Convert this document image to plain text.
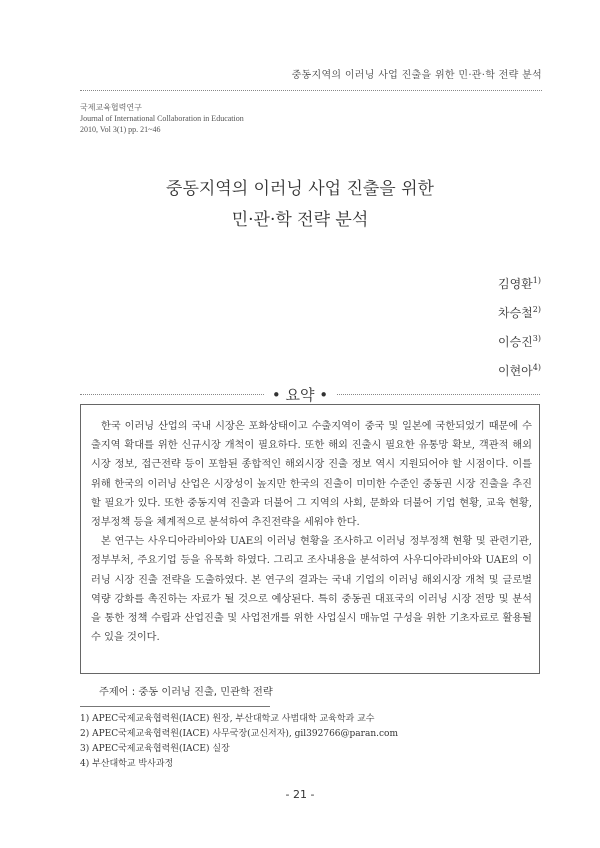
중동지역의 이러닝 사업 진출을 위한 민·관·학 전략 분석
국제교육협력연구
Journal of International Collaboration in Education
2010, Vol 3(1) pp. 21~46
중동지역의 이러닝 사업 진출을 위한
민·관·학 전략 분석
김영환$^{1)}$
차승철$^{2)}$
이승진$^{3)}$
이현아$^{4)}$
• 요약 •

한국 이러닝 산업의 국내 시장은 포화상태이고 수출지역이 중국 및 일본에 국한되었기 때문에 수출지역 확대를 위한 신규시장 개척이 필요하다. 또한 해외 진출시 필요한 유통망 확보, 객관적 해외시장 정보, 접근전략 등이 포함된 종합적인 해외시장 진출 정보 역시 지원되어야 할 시점이다. 이를 위해 한국의 이러닝 산업은 시장성이 높지만 한국의 진출이 미미한 수준인 중동권 시장 진출을 추진할 필요가 있다. 또한 중동지역 진출과 더불어 그 지역의 사회, 문화와 더불어 기업 현황, 교육 현황, 정부정책 등을 체계적으로 분석하여 추진전략을 세워야 한다.

본 연구는 사우디아라비아와 UAE의 이러닝 현황을 조사하고 이러닝 정부정책 현황 및 관련기관, 정부부처, 주요기업 등을 유목화 하였다. 그리고 조사내용을 분석하여 사우디아라비아와 UAE의 이러닝 시장 진출 전략을 도출하였다. 본 연구의 결과는 국내 기업의 이러닝 해외시장 개척 및 글로벌 역량 강화를 촉진하는 자료가 될 것으로 예상된다. 특히 중동권 대표국의 이러닝 시장 전망 및 분석을 통한 정책 수립과 산업진출 및 사업전개를 위한 사업실시 매뉴얼 구성을 위한 기초자료로 활용될 수 있을 것이다.

주제어 : 중동 이러닝 진출, 민관학 전략
1) APEC국제교육협력원(IACE) 원장, 부산대학교 사범대학 교육학과 교수
2) APEC국제교육협력원(IACE) 사무국장(교신저자), gil392766@paran.com
3) APEC국제교육협력원(IACE) 실장
4) 부산대학교 박사과정
- 21 -
